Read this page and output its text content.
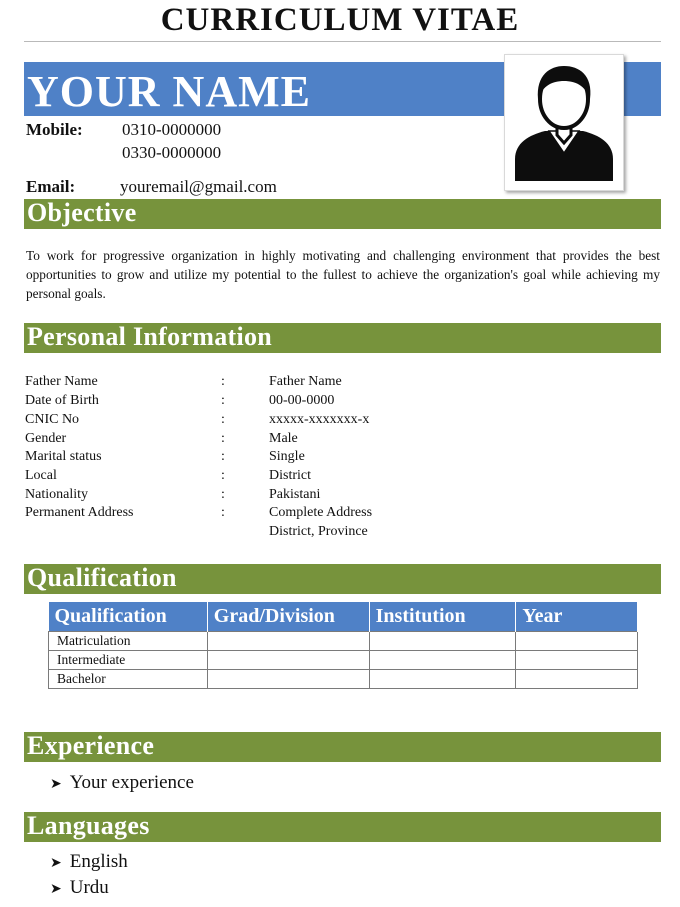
CURRICULUM VITAE
YOUR NAME
Mobile: 0310-0000000
0330-0000000
Email:	youremail@gmail.com
Objective
To work for progressive organization in highly motivating and challenging environment that provides the best opportunities to grow and utilize my potential to the fullest to achieve the organization's goal while achieving my personal goals.
Personal Information
Father Name	:	Father Name
Date of Birth	:	00-00-0000
CNIC No	:	xxxxx-xxxxxxx-x
Gender	:	Male
Marital status	:	Single
Local	:	District
Nationality	:	Pakistani
Permanent Address	:	Complete Address
District, Province
Qualification
Qualification	Grad/Division	Institution	Year
Matriculation			
Intermediate			
Bachelor			
Experience
➤ Your experience
Languages
➤ English
➤ Urdu
